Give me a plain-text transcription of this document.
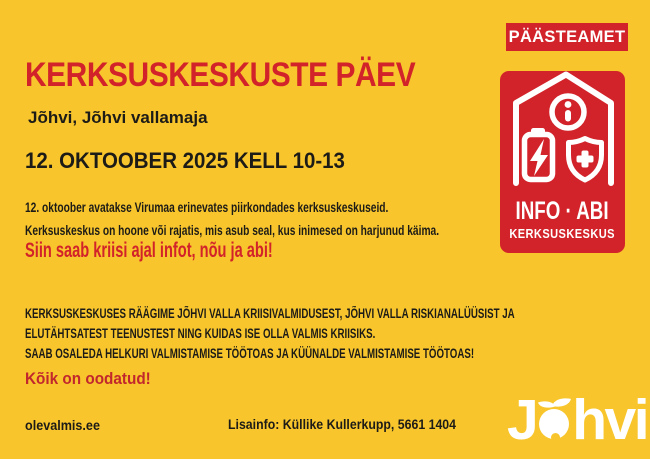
PÄÄSTEAMET
KERKSUSKESKUSTE PÄEV
Jõhvi, Jõhvi vallamaja
12. OKTOOBER 2025 KELL 10-13
12. oktoober avatakse Virumaa erinevates piirkondades kerksuskeskuseid.
Kerksuskeskus on hoone või rajatis, mis asub seal, kus inimesed on harjunud käima.
Siin saab kriisi ajal infot, nõu ja abi!
KERKSUSKESKUSES RÄÄGIME JÕHVI VALLA KRIISIVALMIDUSEST, JÕHVI VALLA RISKIANALÜÜSIST JA
ELUTÄHTSATEST TEENUSTEST NING KUIDAS ISE OLLA VALMIS KRIISIKS.
SAAB OSALEDA HELKURI VALMISTAMISE TÖÖTOAS JA KÜÜNALDE VALMISTAMISE TÖÖTOAS!
Kõik on oodatud!
olevalmis.ee	Lisainfo: Küllike Kullerkupp, 5661 1404
INFO · ABI
KERKSUSKESKUS
J hvi
